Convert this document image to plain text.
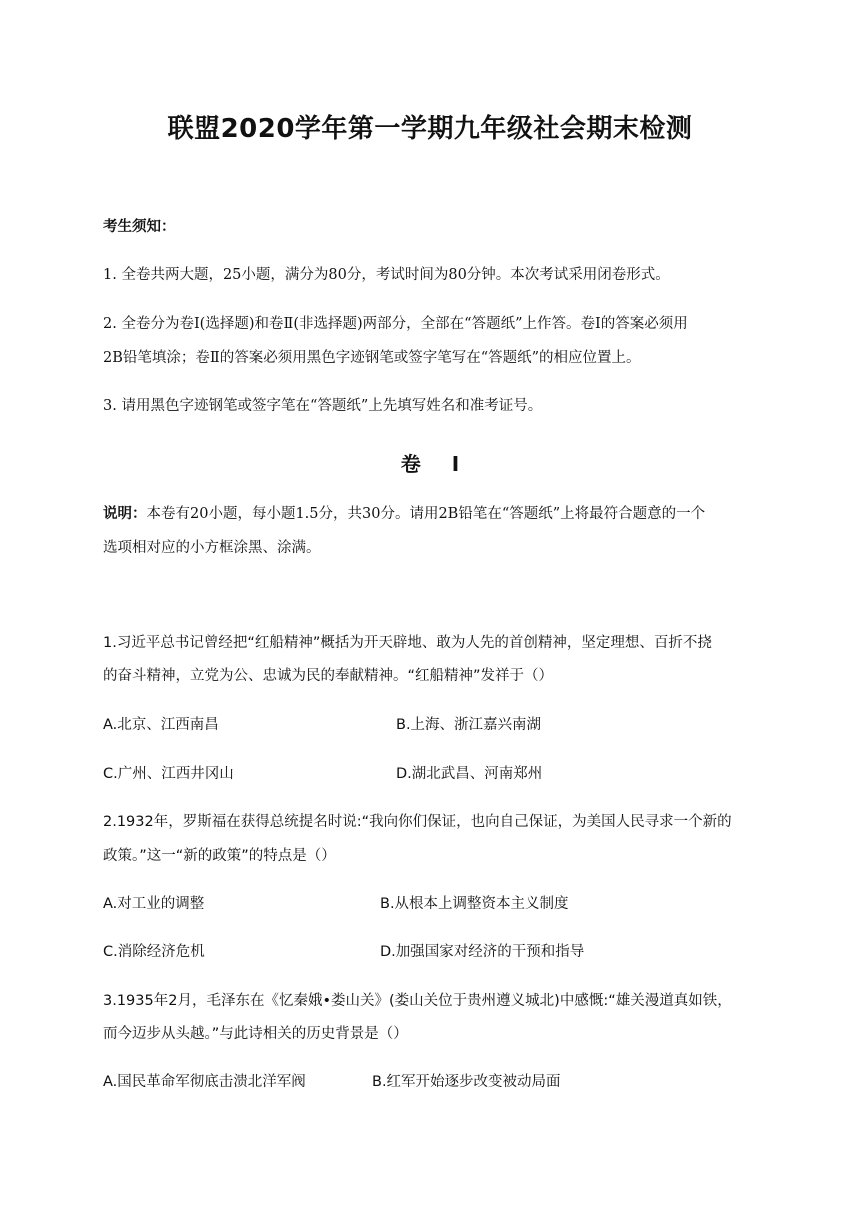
联盟2020学年第一学期九年级社会期末检测
考生须知：
1. 全卷共两大题，25小题，满分为80分，考试时间为80分钟。本次考试采用闭卷形式。
2. 全卷分为卷Ⅰ(选择题)和卷Ⅱ(非选择题)两部分，全部在“答题纸”上作答。卷Ⅰ的答案必须用
2B铅笔填涂；卷Ⅱ的答案必须用黑色字迹钢笔或签字笔写在“答题纸”的相应位置上。
3. 请用黑色字迹钢笔或签字笔在“答题纸”上先填写姓名和准考证号。
卷 Ⅰ
说明：本卷有20小题，每小题1.5分，共30分。请用2B铅笔在“答题纸”上将最符合题意的一个
选项相对应的小方框涂黑、涂满。
1.习近平总书记曾经把“红船精神”概括为开天辟地、敢为人先的首创精神，坚定理想、百折不挠
的奋斗精神，立党为公、忠诚为民的奉献精神。“红船精神”发祥于（）
A.北京、江西南昌	B.上海、浙江嘉兴南湖
C.广州、江西井冈山	D.湖北武昌、河南郑州
2.1932年，罗斯福在获得总统提名时说:“我向你们保证，也向自己保证，为美国人民寻求一个新的
政策。”这一“新的政策”的特点是（）
A.对工业的调整	B.从根本上调整资本主义制度
C.消除经济危机	D.加强国家对经济的干预和指导
3.1935年2月，毛泽东在《忆秦娥•娄山关》(娄山关位于贵州遵义城北)中感慨:“雄关漫道真如铁，
而今迈步从头越。”与此诗相关的历史背景是（）
A.国民革命军彻底击溃北洋军阀	B.红军开始逐步改变被动局面
